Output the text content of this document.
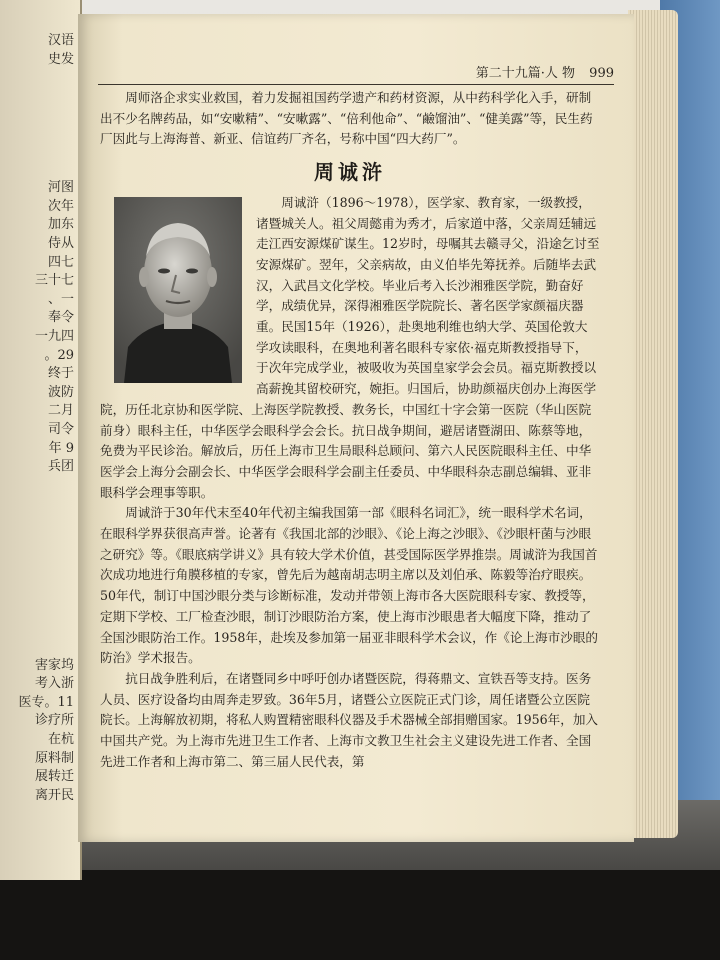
汉语
史发
河图
次年
加东
侍从
四七
三十七
、一
奉令
一九四
。29
终于
波防
二月
司令
年 9
兵团
害家坞
考入浙
医专。11
诊疗所
在杭
原料制
展转迁
离开民
第二十九篇·人 物 999

周师洛企求实业救国，着力发掘祖国药学遗产和药材资源，从中药科学化入手，研制出不少名牌药品，如“安嗽精”、“安嗽露”、“倍利他命”、“鹼馏油”、“健美露”等，民生药厂因此与上海海普、新亚、信谊药厂齐名，号称中国“四大药厂”。

周诚浒

周诚浒（1896～1978），医学家、教育家，一级教授，诸暨城关人。祖父周懿甫为秀才，后家道中落，父亲周廷辅远走江西安源煤矿谋生。12岁时，母嘱其去赣寻父，沿途乞讨至安源煤矿。翌年，父亲病故，由义伯毕先筹抚养。后随毕去武汉，入武昌文化学校。毕业后考入长沙湘雅医学院，勤奋好学，成绩优异，深得湘雅医学院院长、著名医学家颜福庆器重。民国15年（1926），赴奥地利维也纳大学、英国伦敦大学攻读眼科，在奥地利著名眼科专家依·福克斯教授指导下，于次年完成学业，被吸收为英国皇家学会会员。福克斯教授以高薪挽其留校研究，婉拒。归国后，协助颜福庆创办上海医学院，历任北京协和医学院、上海医学院教授、教务长，中国红十字会第一医院（华山医院前身）眼科主任，中华医学会眼科学会会长。抗日战争期间，避居诸暨湖田、陈蔡等地，免费为平民诊治。解放后，历任上海市卫生局眼科总顾问、第六人民医院眼科主任、中华医学会上海分会副会长、中华医学会眼科学会副主任委员、中华眼科杂志副总编辑、亚非眼科学会理事等职。

周诚浒于30年代末至40年代初主编我国第一部《眼科名词汇》，统一眼科学术名词，在眼科学界获很高声誉。论著有《我国北部的沙眼》、《论上海之沙眼》、《沙眼杆菌与沙眼之研究》等。《眼底病学讲义》具有较大学术价值，甚受国际医学界推崇。周诚浒为我国首次成功地进行角膜移植的专家，曾先后为越南胡志明主席以及刘伯承、陈毅等治疗眼疾。50年代，制订中国沙眼分类与诊断标准，发动并带领上海市各大医院眼科专家、教授等，定期下学校、工厂检查沙眼，制订沙眼防治方案，使上海市沙眼患者大幅度下降，推动了全国沙眼防治工作。1958年，赴埃及参加第一届亚非眼科学术会议，作《论上海市沙眼的防治》学术报告。

抗日战争胜利后，在诸暨同乡中呼吁创办诸暨医院，得蒋鼎文、宣铁吾等支持。医务人员、医疗设备均由周奔走罗致。36年5月，诸暨公立医院正式门诊，周任诸暨公立医院院长。上海解放初期，将私人购置精密眼科仪器及手术器械全部捐赠国家。1956年，加入中国共产党。为上海市先进卫生工作者、上海市文教卫生社会主义建设先进工作者、全国先进工作者和上海市第二、第三届人民代表，第
